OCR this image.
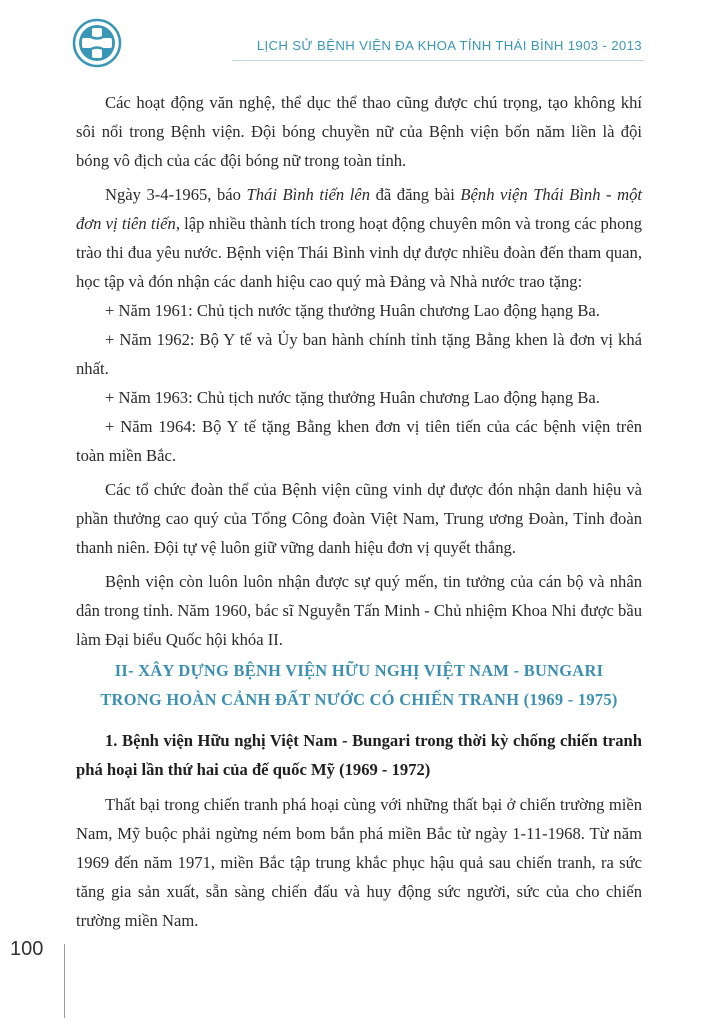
LỊCH SỬ BỆNH VIỆN ĐA KHOA TỈNH THÁI BÌNH 1903 - 2013

Các hoạt động văn nghệ, thể dục thể thao cũng được chú trọng, tạo không khí sôi nổi trong Bệnh viện. Đội bóng chuyền nữ của Bệnh viện bốn năm liền là đội bóng vô địch của các đội bóng nữ trong toàn tỉnh.

Ngày 3-4-1965, báo Thái Bình tiến lên đã đăng bài Bệnh viện Thái Bình - một đơn vị tiên tiến, lập nhiều thành tích trong hoạt động chuyên môn và trong các phong trào thi đua yêu nước. Bệnh viện Thái Bình vinh dự được nhiều đoàn đến tham quan, học tập và đón nhận các danh hiệu cao quý mà Đảng và Nhà nước trao tặng:

+ Năm 1961: Chủ tịch nước tặng thưởng Huân chương Lao động hạng Ba.

+ Năm 1962: Bộ Y tế và Ủy ban hành chính tỉnh tặng Bằng khen là đơn vị khá nhất.

+ Năm 1963: Chủ tịch nước tặng thưởng Huân chương Lao động hạng Ba.

+ Năm 1964: Bộ Y tế tặng Bằng khen đơn vị tiên tiến của các bệnh viện trên toàn miền Bắc.

Các tổ chức đoàn thể của Bệnh viện cũng vinh dự được đón nhận danh hiệu và phần thưởng cao quý của Tổng Công đoàn Việt Nam, Trung ương Đoàn, Tỉnh đoàn thanh niên. Đội tự vệ luôn giữ vững danh hiệu đơn vị quyết thắng.

Bệnh viện còn luôn luôn nhận được sự quý mến, tin tưởng của cán bộ và nhân dân trong tỉnh. Năm 1960, bác sĩ Nguyễn Tấn Minh - Chủ nhiệm Khoa Nhi được bầu làm Đại biểu Quốc hội khóa II.

II- XÂY DỰNG BỆNH VIỆN HỮU NGHỊ VIỆT NAM - BUNGARI
TRONG HOÀN CẢNH ĐẤT NƯỚC CÓ CHIẾN TRANH (1969 - 1975)
1. Bệnh viện Hữu nghị Việt Nam - Bungari trong thời kỳ chống chiến tranh phá hoại lần thứ hai của đế quốc Mỹ (1969 - 1972)

Thất bại trong chiến tranh phá hoại cùng với những thất bại ở chiến trường miền Nam, Mỹ buộc phải ngừng ném bom bắn phá miền Bắc từ ngày 1-11-1968. Từ năm 1969 đến năm 1971, miền Bắc tập trung khắc phục hậu quả sau chiến tranh, ra sức tăng gia sản xuất, sẵn sàng chiến đấu và huy động sức người, sức của cho chiến trường miền Nam.

100
